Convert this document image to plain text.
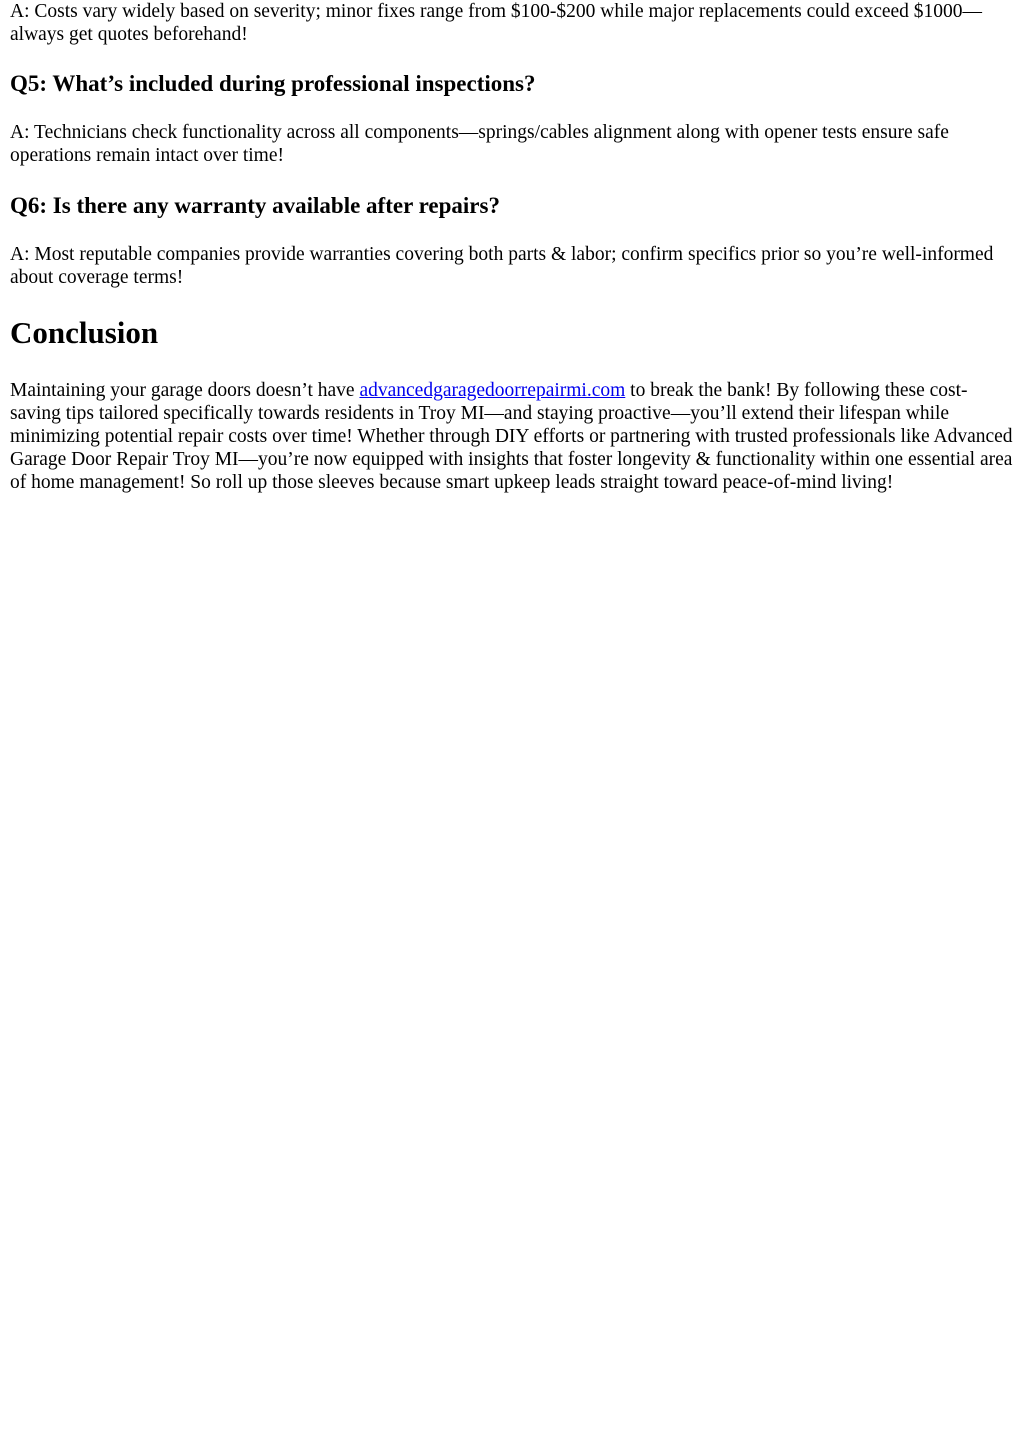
A: Costs vary widely based on severity; minor fixes range from $100-$200 while major replacements could exceed $1000—always get quotes beforehand!

Q5: What’s included during professional inspections?

A: Technicians check functionality across all components—springs/cables alignment along with opener tests ensure safe operations remain intact over time!

Q6: Is there any warranty available after repairs?

A: Most reputable companies provide warranties covering both parts & labor; confirm specifics prior so you’re well-informed about coverage terms!

Conclusion

Maintaining your garage doors doesn’t have advancedgaragedoorrepairmi.com to break the bank! By following these cost-saving tips tailored specifically towards residents in Troy MI—and staying proactive—you’ll extend their lifespan while minimizing potential repair costs over time! Whether through DIY efforts or partnering with trusted professionals like Advanced Garage Door Repair Troy MI—you’re now equipped with insights that foster longevity & functionality within one essential area of home management! So roll up those sleeves because smart upkeep leads straight toward peace-of-mind living!
